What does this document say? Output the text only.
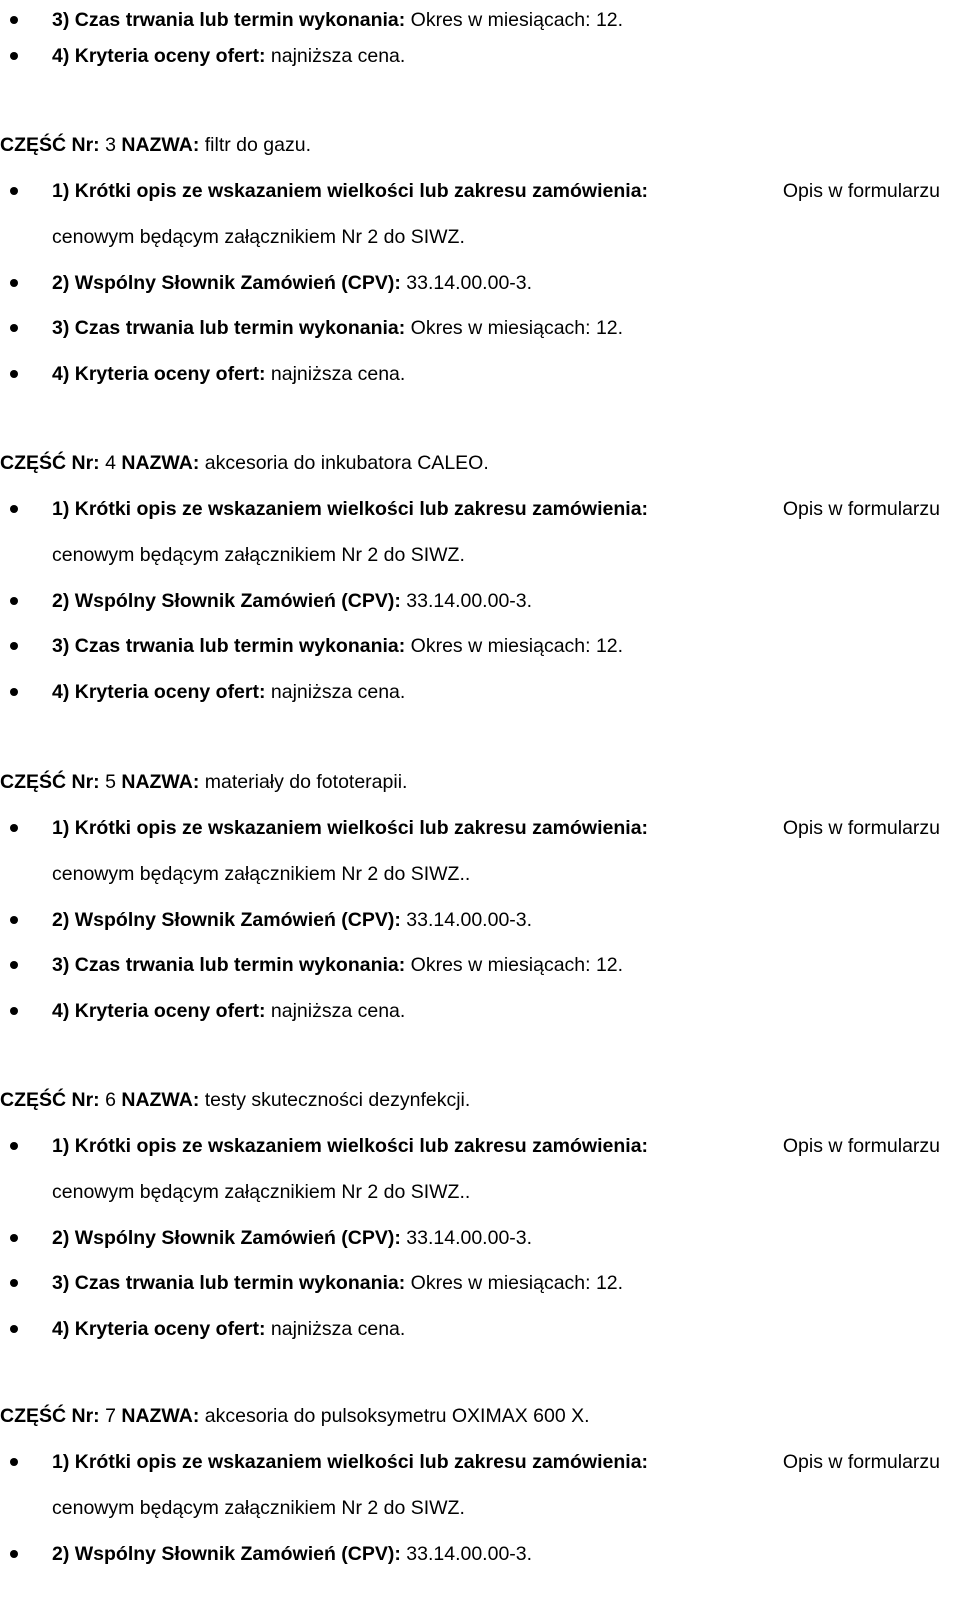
3) Czas trwania lub termin wykonania: Okres w miesiącach: 12.
4) Kryteria oceny ofert: najniższa cena.
CZĘŚĆ Nr: 3 NAZWA: filtr do gazu.
1) Krótki opis ze wskazaniem wielkości lub zakresu zamówienia:	Opis w formularzu
cenowym będącym załącznikiem Nr 2 do SIWZ.
2) Wspólny Słownik Zamówień (CPV): 33.14.00.00-3.
3) Czas trwania lub termin wykonania: Okres w miesiącach: 12.
4) Kryteria oceny ofert: najniższa cena.
CZĘŚĆ Nr: 4 NAZWA: akcesoria do inkubatora CALEO.
1) Krótki opis ze wskazaniem wielkości lub zakresu zamówienia:	Opis w formularzu
cenowym będącym załącznikiem Nr 2 do SIWZ.
2) Wspólny Słownik Zamówień (CPV): 33.14.00.00-3.
3) Czas trwania lub termin wykonania: Okres w miesiącach: 12.
4) Kryteria oceny ofert: najniższa cena.
CZĘŚĆ Nr: 5 NAZWA: materiały do fototerapii.
1) Krótki opis ze wskazaniem wielkości lub zakresu zamówienia:	Opis w formularzu
cenowym będącym załącznikiem Nr 2 do SIWZ..
2) Wspólny Słownik Zamówień (CPV): 33.14.00.00-3.
3) Czas trwania lub termin wykonania: Okres w miesiącach: 12.
4) Kryteria oceny ofert: najniższa cena.
CZĘŚĆ Nr: 6 NAZWA: testy skuteczności dezynfekcji.
1) Krótki opis ze wskazaniem wielkości lub zakresu zamówienia:	Opis w formularzu
cenowym będącym załącznikiem Nr 2 do SIWZ..
2) Wspólny Słownik Zamówień (CPV): 33.14.00.00-3.
3) Czas trwania lub termin wykonania: Okres w miesiącach: 12.
4) Kryteria oceny ofert: najniższa cena.
CZĘŚĆ Nr: 7 NAZWA: akcesoria do pulsoksymetru OXIMAX 600 X.
1) Krótki opis ze wskazaniem wielkości lub zakresu zamówienia:	Opis w formularzu
cenowym będącym załącznikiem Nr 2 do SIWZ.
2) Wspólny Słownik Zamówień (CPV): 33.14.00.00-3.
